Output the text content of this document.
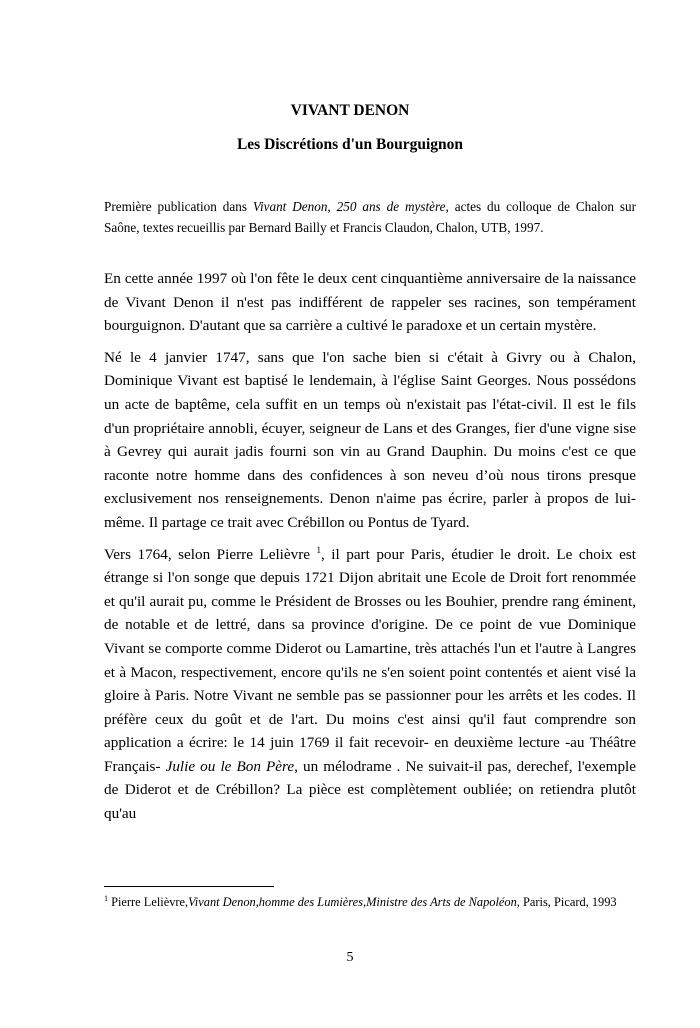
VIVANT DENON
Les Discrétions d'un Bourguignon
Première publication dans Vivant Denon, 250 ans de mystère, actes du colloque de Chalon sur Saône, textes recueillis par Bernard Bailly et Francis Claudon, Chalon, UTB, 1997.

En cette année 1997 où l'on fête le deux cent cinquantième anniversaire de la naissance de Vivant Denon il n'est pas indifférent de rappeler ses racines, son tempérament bourguignon. D'autant que sa carrière a cultivé le paradoxe et un certain mystère.

Né le 4 janvier 1747, sans que l'on sache bien si c'était à Givry ou à Chalon, Dominique Vivant est baptisé le lendemain, à l'église Saint Georges. Nous possédons un acte de baptême, cela suffit en un temps où n'existait pas l'état-civil. Il est le fils d'un propriétaire annobli, écuyer, seigneur de Lans et des Granges, fier d'une vigne sise à Gevrey qui aurait jadis fourni son vin au Grand Dauphin. Du moins c'est ce que raconte notre homme dans des confidences à son neveu d’où nous tirons presque exclusivement nos renseignements. Denon n'aime pas écrire, parler à propos de lui-même. Il partage ce trait avec Crébillon ou Pontus de Tyard.

Vers 1764, selon Pierre Lelièvre $^1$, il part pour Paris, étudier le droit. Le choix est étrange si l'on songe que depuis 1721 Dijon abritait une Ecole de Droit fort renommée et qu'il aurait pu, comme le Président de Brosses ou les Bouhier, prendre rang éminent, de notable et de lettré, dans sa province d'origine. De ce point de vue Dominique Vivant se comporte comme Diderot ou Lamartine, très attachés l'un et l'autre à Langres et à Macon, respectivement, encore qu'ils ne s'en soient point contentés et aient visé la gloire à Paris. Notre Vivant ne semble pas se passionner pour les arrêts et les codes. Il préfère ceux du goût et de l'art. Du moins c'est ainsi qu'il faut comprendre son application a écrire: le 14 juin 1769 il fait recevoir- en deuxième lecture -au Théâtre Français- Julie ou le Bon Père, un mélodrame . Ne suivait-il pas, derechef, l'exemple de Diderot et de Crébillon? La pièce est complètement oubliée; on retiendra plutôt qu'au

$^1$ Pierre Lelièvre,Vivant Denon,homme des Lumières,Ministre des Arts de Napoléon, Paris, Picard, 1993
5
